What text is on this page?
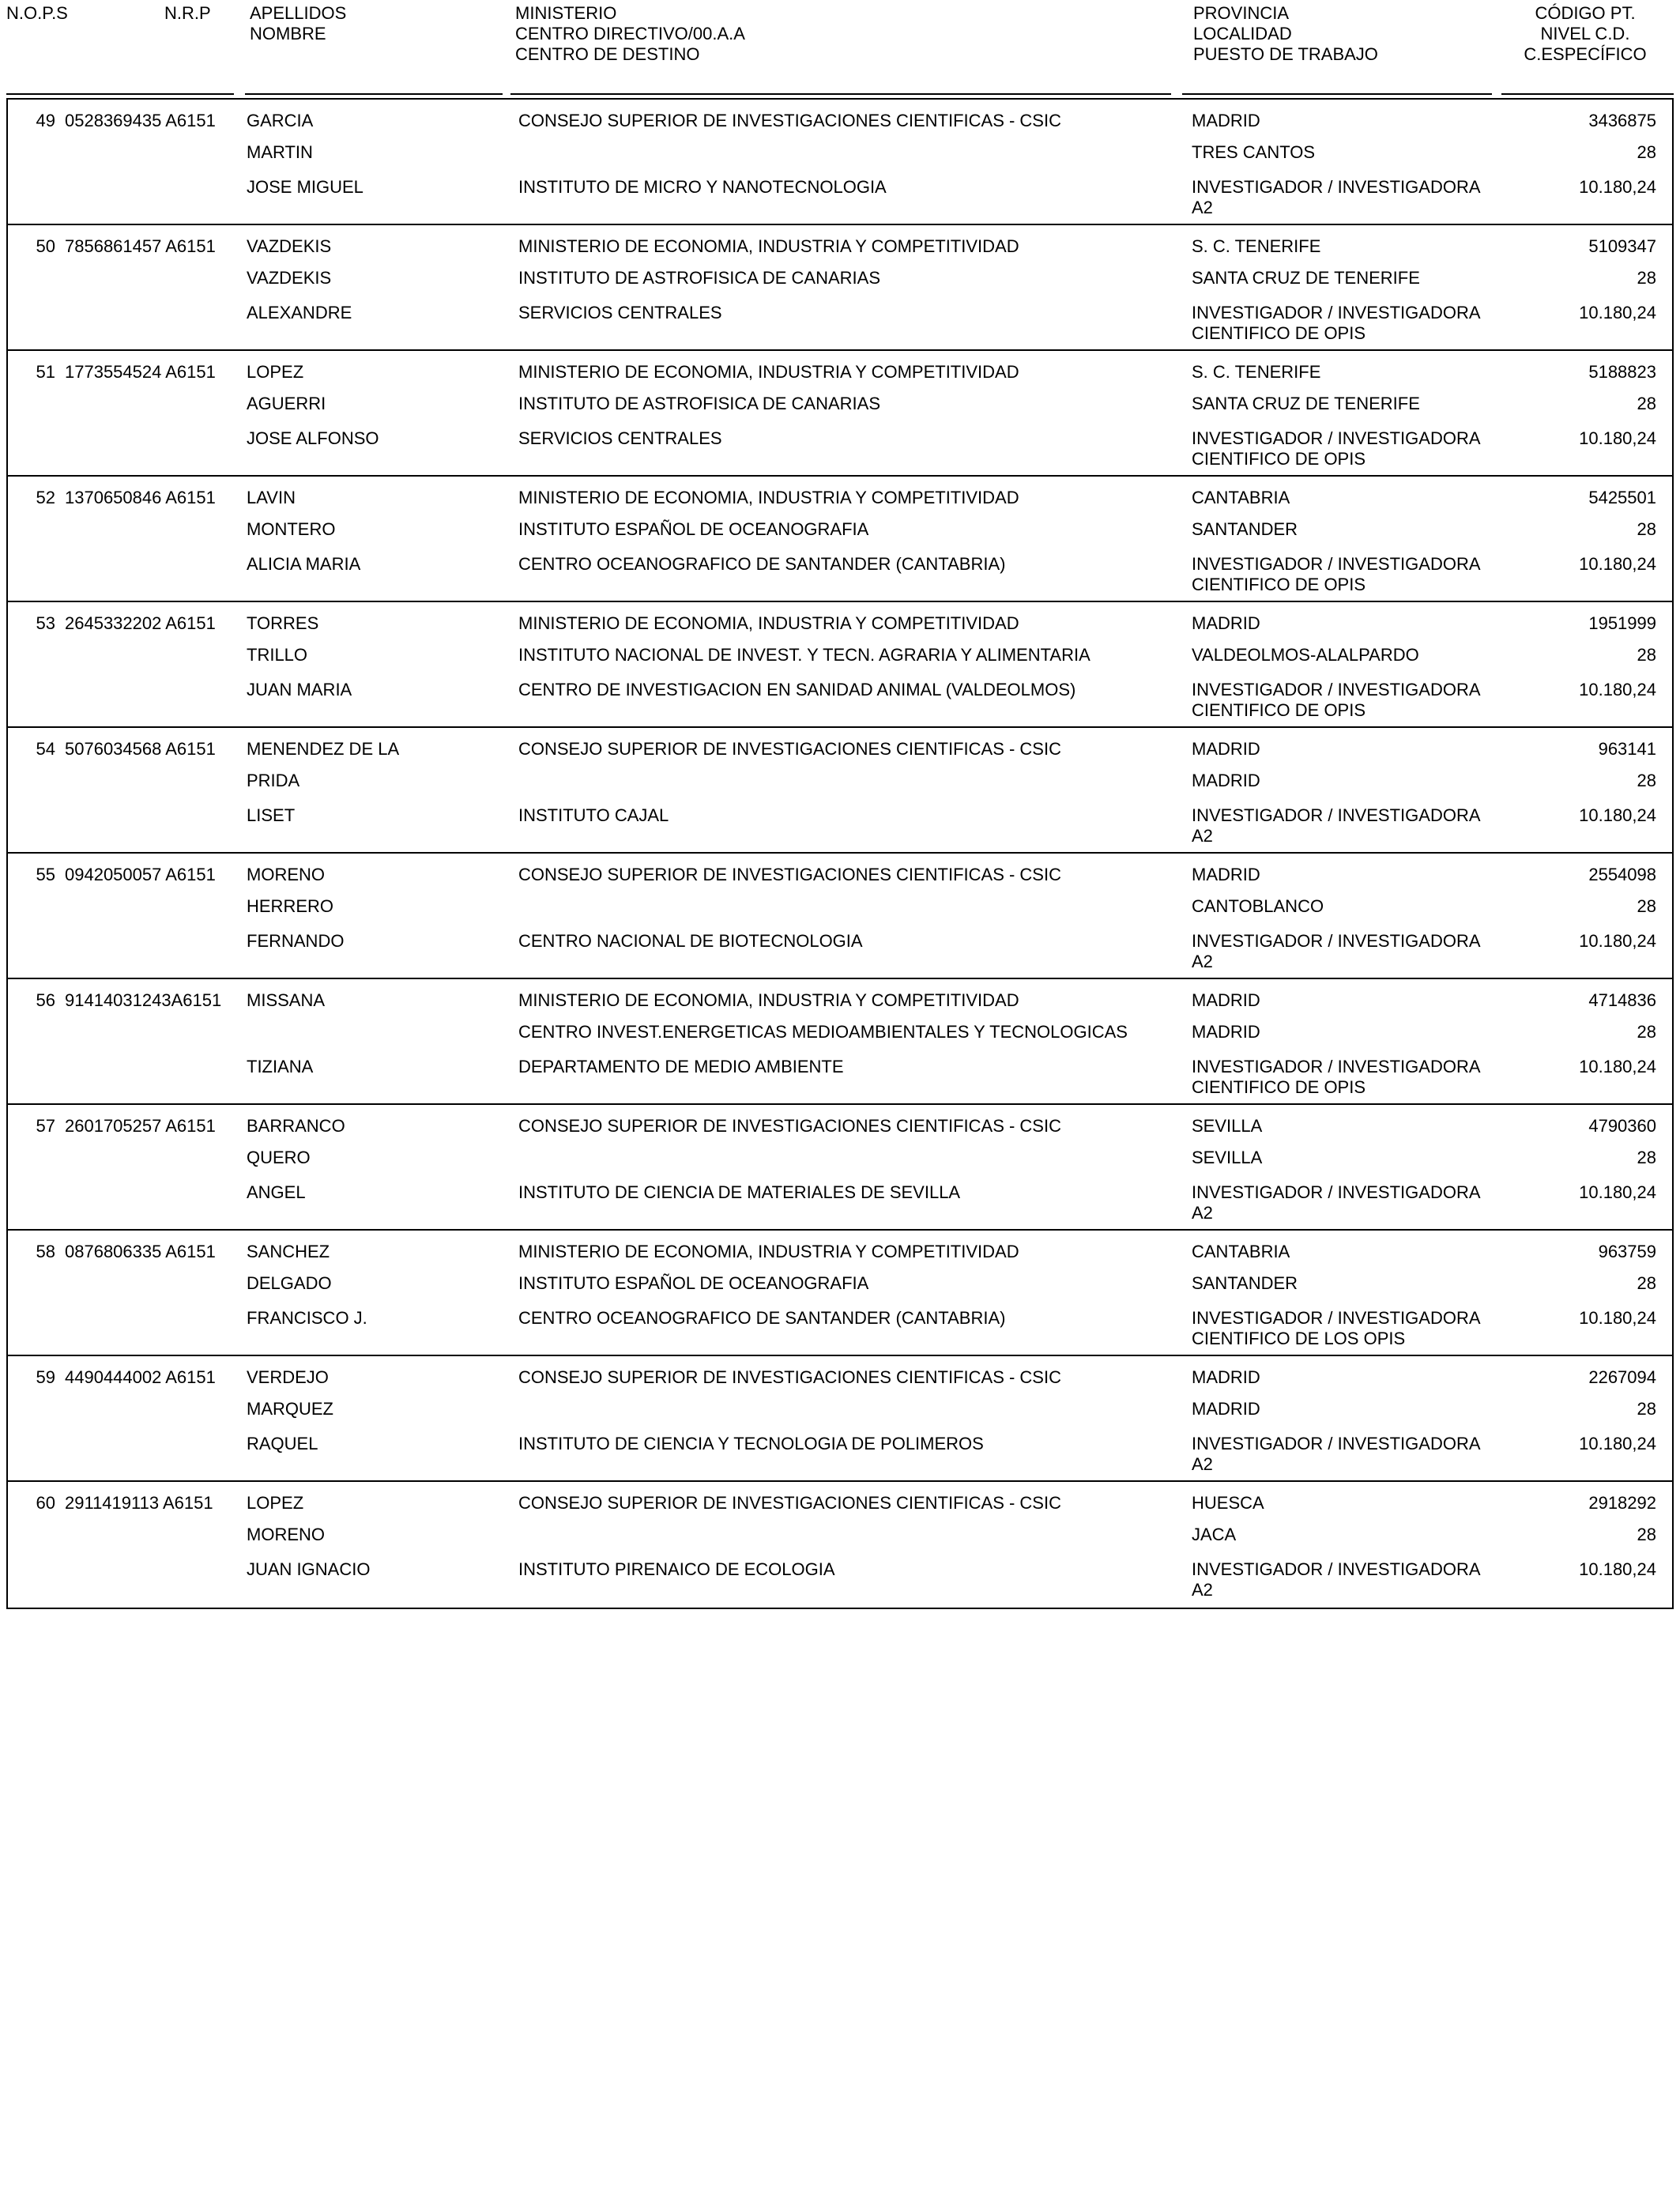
N.O.P.S	N.R.P APELLIDOS
NOMBRE
MINISTERIO
CENTRO DIRECTIVO/00.A.A
CENTRO DE DESTINO
PROVINCIA
LOCALIDAD
PUESTO DE TRABAJO
CÓDIGO PT.
NIVEL C.D.
C.ESPECÍFICO
49 0528369435 A6151 GARCIA
MARTIN
JOSE MIGUEL
CONSEJO SUPERIOR DE INVESTIGACIONES CIENTIFICAS - CSIC
INSTITUTO DE MICRO Y NANOTECNOLOGIA
MADRID
TRES CANTOS
INVESTIGADOR / INVESTIGADORA
A2
3436875
28
10.180,24
50 7856861457 A6151 VAZDEKIS
VAZDEKIS
ALEXANDRE
MINISTERIO DE ECONOMIA, INDUSTRIA Y COMPETITIVIDAD
INSTITUTO DE ASTROFISICA DE CANARIAS
SERVICIOS CENTRALES
S. C. TENERIFE
SANTA CRUZ DE TENERIFE
INVESTIGADOR / INVESTIGADORA
CIENTIFICO DE OPIS
5109347
28
10.180,24
51 1773554524 A6151 LOPEZ
AGUERRI
JOSE ALFONSO
MINISTERIO DE ECONOMIA, INDUSTRIA Y COMPETITIVIDAD
INSTITUTO DE ASTROFISICA DE CANARIAS
SERVICIOS CENTRALES
S. C. TENERIFE
SANTA CRUZ DE TENERIFE
INVESTIGADOR / INVESTIGADORA
CIENTIFICO DE OPIS
5188823
28
10.180,24
52 1370650846 A6151 LAVIN
MONTERO
ALICIA MARIA
MINISTERIO DE ECONOMIA, INDUSTRIA Y COMPETITIVIDAD
INSTITUTO ESPAÑOL DE OCEANOGRAFIA
CENTRO OCEANOGRAFICO DE SANTANDER (CANTABRIA)
CANTABRIA
SANTANDER
INVESTIGADOR / INVESTIGADORA
CIENTIFICO DE OPIS
5425501
28
10.180,24
53 2645332202 A6151 TORRES
TRILLO
JUAN MARIA
MINISTERIO DE ECONOMIA, INDUSTRIA Y COMPETITIVIDAD
INSTITUTO NACIONAL DE INVEST. Y TECN. AGRARIA Y ALIMENTARIA
CENTRO DE INVESTIGACION EN SANIDAD ANIMAL (VALDEOLMOS)
MADRID
VALDEOLMOS-ALALPARDO
INVESTIGADOR / INVESTIGADORA
CIENTIFICO DE OPIS
1951999
28
10.180,24
54 5076034568 A6151 MENENDEZ DE LA
PRIDA
LISET
CONSEJO SUPERIOR DE INVESTIGACIONES CIENTIFICAS - CSIC
INSTITUTO CAJAL
MADRID
MADRID
INVESTIGADOR / INVESTIGADORA
A2
963141
28
10.180,24
55 0942050057 A6151 MORENO
HERRERO
FERNANDO
CONSEJO SUPERIOR DE INVESTIGACIONES CIENTIFICAS - CSIC
CENTRO NACIONAL DE BIOTECNOLOGIA
MADRID
CANTOBLANCO
INVESTIGADOR / INVESTIGADORA
A2
2554098
28
10.180,24
56 91414031243A6151 MISSANA
TIZIANA
MINISTERIO DE ECONOMIA, INDUSTRIA Y COMPETITIVIDAD
CENTRO INVEST.ENERGETICAS MEDIOAMBIENTALES Y TECNOLOGICAS
DEPARTAMENTO DE MEDIO AMBIENTE
MADRID
MADRID
INVESTIGADOR / INVESTIGADORA
CIENTIFICO DE OPIS
4714836
28
10.180,24
57 2601705257 A6151 BARRANCO
QUERO
ANGEL
CONSEJO SUPERIOR DE INVESTIGACIONES CIENTIFICAS - CSIC
INSTITUTO DE CIENCIA DE MATERIALES DE SEVILLA
SEVILLA
SEVILLA
INVESTIGADOR / INVESTIGADORA
A2
4790360
28
10.180,24
58 0876806335 A6151 SANCHEZ
DELGADO
FRANCISCO J.
MINISTERIO DE ECONOMIA, INDUSTRIA Y COMPETITIVIDAD
INSTITUTO ESPAÑOL DE OCEANOGRAFIA
CENTRO OCEANOGRAFICO DE SANTANDER (CANTABRIA)
CANTABRIA
SANTANDER
INVESTIGADOR / INVESTIGADORA
CIENTIFICO DE LOS OPIS
963759
28
10.180,24
59 4490444002 A6151 VERDEJO
MARQUEZ
RAQUEL
CONSEJO SUPERIOR DE INVESTIGACIONES CIENTIFICAS - CSIC
INSTITUTO DE CIENCIA Y TECNOLOGIA DE POLIMEROS
MADRID
MADRID
INVESTIGADOR / INVESTIGADORA
A2
2267094
28
10.180,24
60 2911419113 A6151 LOPEZ
MORENO
JUAN IGNACIO
CONSEJO SUPERIOR DE INVESTIGACIONES CIENTIFICAS - CSIC
INSTITUTO PIRENAICO DE ECOLOGIA
HUESCA
JACA
INVESTIGADOR / INVESTIGADORA
A2
2918292
28
10.180,24
